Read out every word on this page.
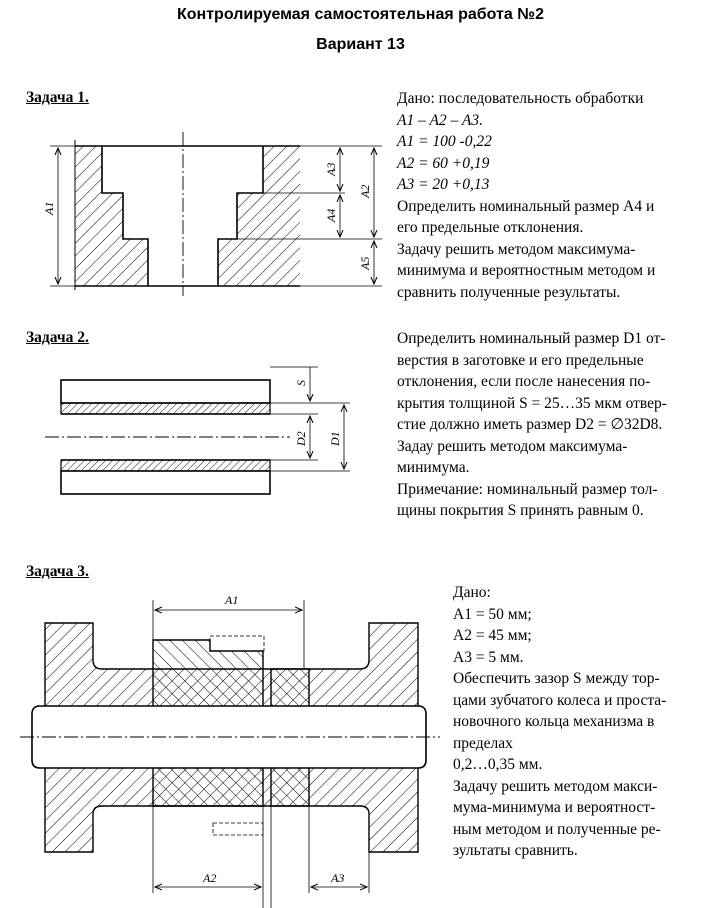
Контролируемая самостоятельная работа №2
Вариант 13
Задача 1.
A1
A3
A4
A2
A5
S
D2 D1
A1
A2	A3

Дано: последовательность обработки

A1 – A2 – A3.

A1 = 100 -0,22

A2 = 60 +0,19

A3 = 20 +0,13

Определить номинальный размер A4 и

его предельные отклонения.

Задачу решить методом максимума-

минимума и вероятностным методом и

сравнить полученные результаты.

Задача 2.	Определить номинальный размер D1 от-

верстия в заготовке и его предельные

отклонения, если после нанесения по-

крытия толщиной S = 25…35 мкм отвер-

стие должно иметь размер D2 = ∅32D8.

Задау решить методом максимума-

минимума.

Примечание: номинальный размер тол-

щины покрытия S принять равным 0.

Задача 3.

Дано:

A1 = 50 мм;

A2 = 45 мм;

A3 = 5 мм.

Обеспечить зазор S между тор-

цами зубчатого колеса и проста-

новочного кольца механизма в

пределах

0,2…0,35 мм.

Задачу решить методом макси-

мума-минимума и вероятност-

ным методом и полученные ре-

зультаты сравнить.
